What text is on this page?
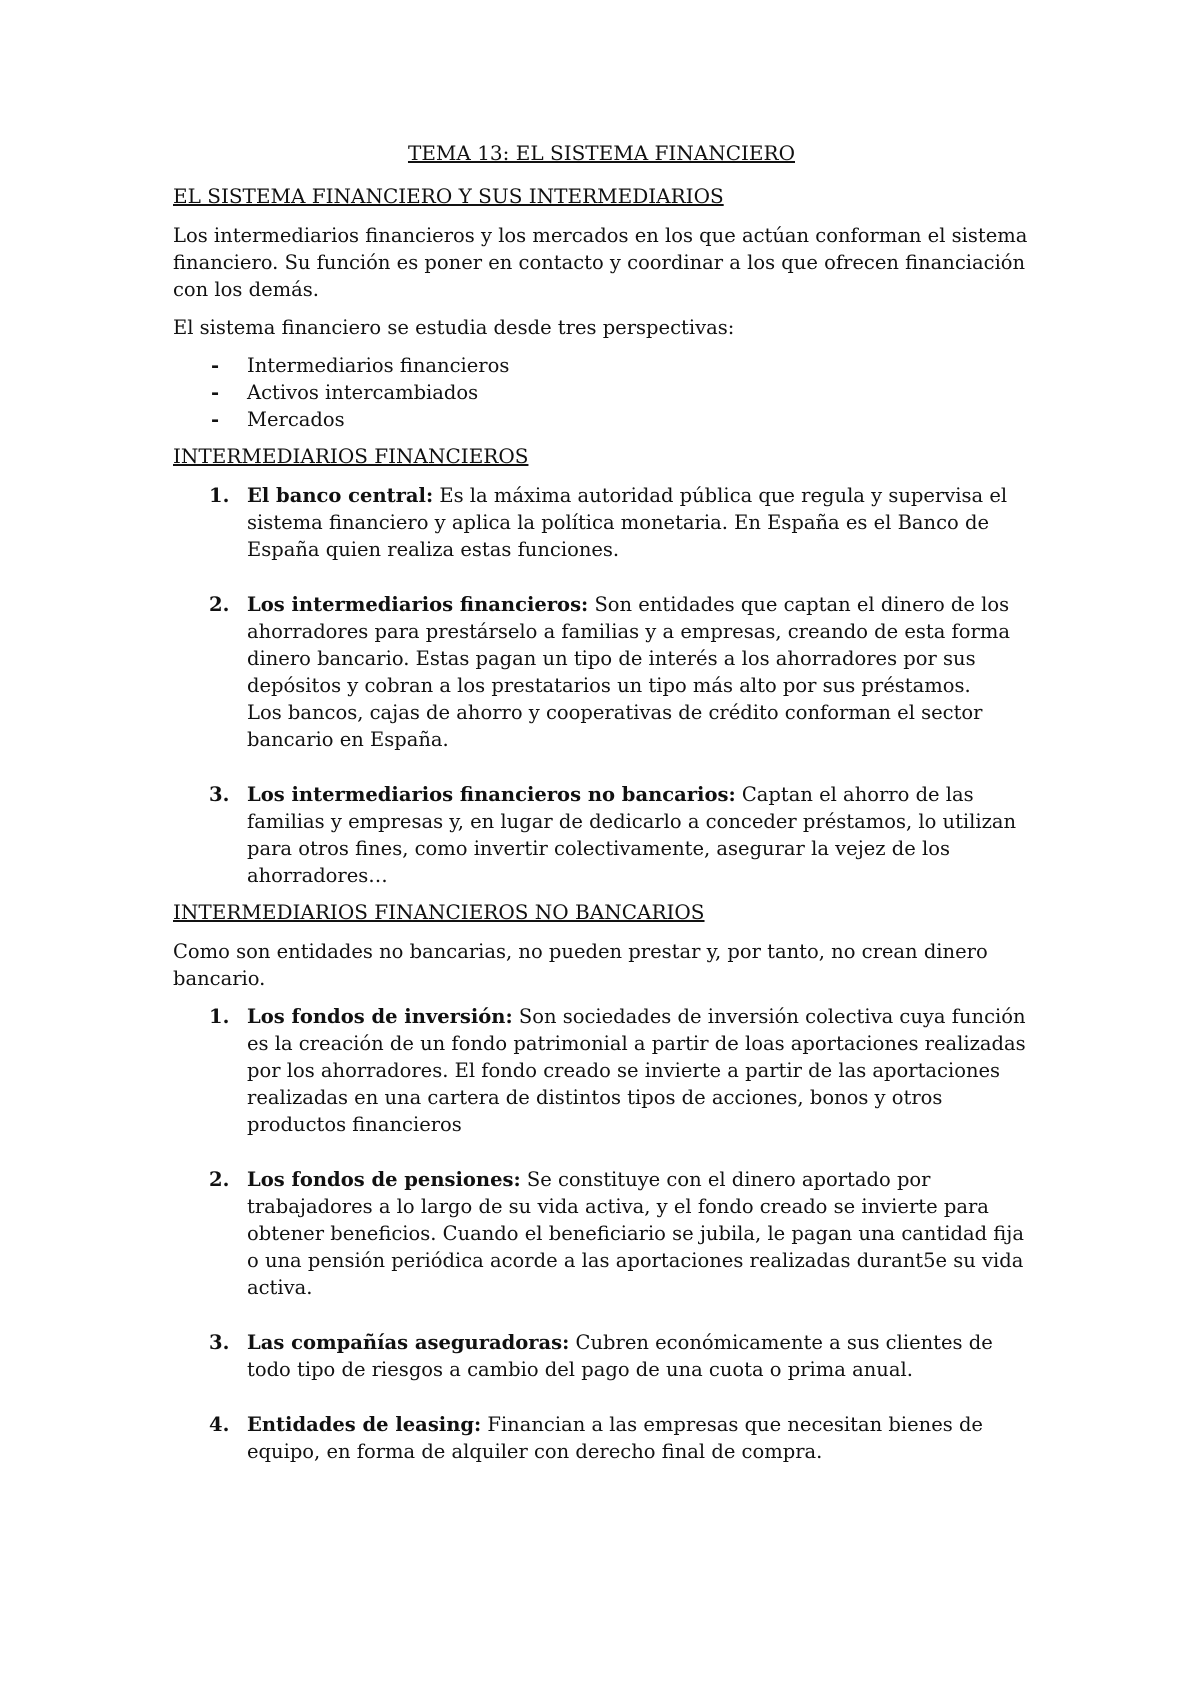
TEMA 13: EL SISTEMA FINANCIERO
EL SISTEMA FINANCIERO Y SUS INTERMEDIARIOS

Los intermediarios financieros y los mercados en los que actúan conforman el sistema financiero. Su función es poner en contacto y coordinar a los que ofrecen financiación con los demás.

El sistema financiero se estudia desde tres perspectivas:

- Intermediarios financieros
- Activos intercambiados
- Mercados
INTERMEDIARIOS FINANCIEROS
1. El banco central: Es la máxima autoridad pública que regula y supervisa el sistema financiero y aplica la política monetaria. En España es el Banco de España quien realiza estas funciones.
2. Los intermediarios financieros: Son entidades que captan el dinero de los ahorradores para prestárselo a familias y a empresas, creando de esta forma dinero bancario. Estas pagan un tipo de interés a los ahorradores por sus depósitos y cobran a los prestatarios un tipo más alto por sus préstamos.
Los bancos, cajas de ahorro y cooperativas de crédito conforman el sector bancario en España.
3. Los intermediarios financieros no bancarios: Captan el ahorro de las familias y empresas y, en lugar de dedicarlo a conceder préstamos, lo utilizan para otros fines, como invertir colectivamente, asegurar la vejez de los ahorradores…
INTERMEDIARIOS FINANCIEROS NO BANCARIOS

Como son entidades no bancarias, no pueden prestar y, por tanto, no crean dinero bancario.

1. Los fondos de inversión: Son sociedades de inversión colectiva cuya función es la creación de un fondo patrimonial a partir de loas aportaciones realizadas por los ahorradores. El fondo creado se invierte a partir de las aportaciones realizadas en una cartera de distintos tipos de acciones, bonos y otros productos financieros
2. Los fondos de pensiones: Se constituye con el dinero aportado por trabajadores a lo largo de su vida activa, y el fondo creado se invierte para obtener beneficios. Cuando el beneficiario se jubila, le pagan una cantidad fija o una pensión periódica acorde a las aportaciones realizadas durant5e su vida activa.
3. Las compañías aseguradoras: Cubren económicamente a sus clientes de todo tipo de riesgos a cambio del pago de una cuota o prima anual.
4. Entidades de leasing: Financian a las empresas que necesitan bienes de equipo, en forma de alquiler con derecho final de compra.
